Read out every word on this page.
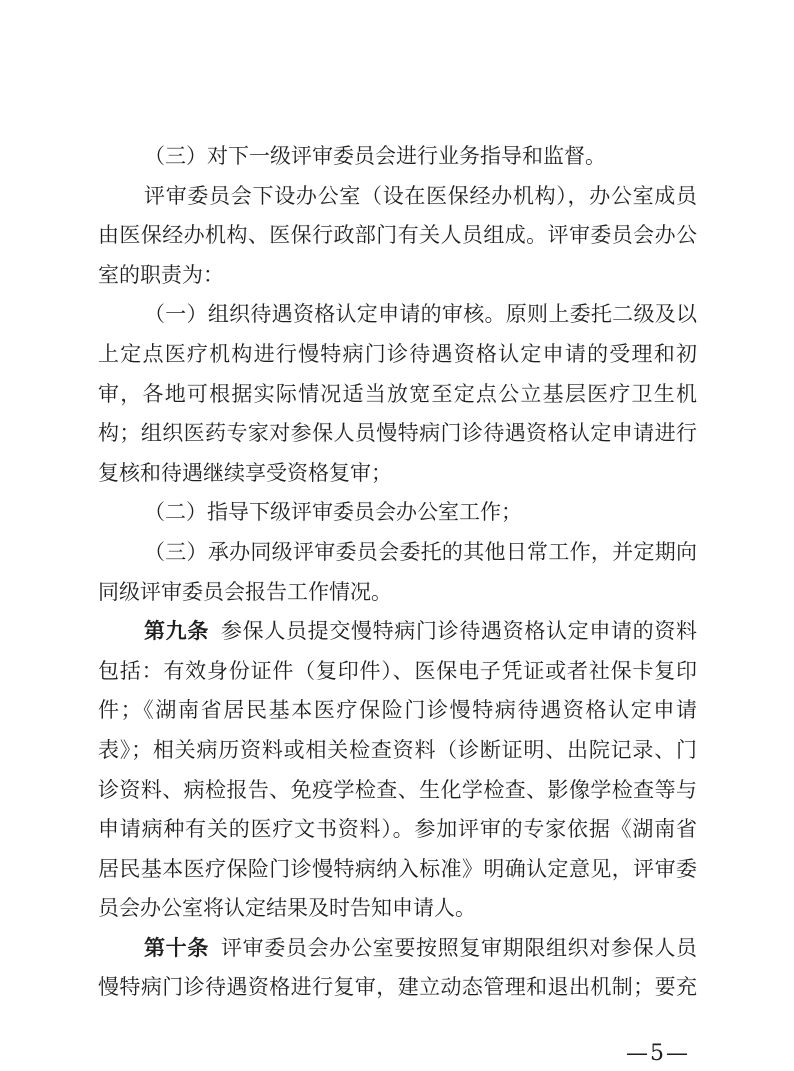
（三）对下一级评审委员会进行业务指导和监督。
评审委员会下设办公室（设在医保经办机构），办公室成员
由医保经办机构、医保行政部门有关人员组成。评审委员会办公
室的职责为：
（一）组织待遇资格认定申请的审核。原则上委托二级及以
上定点医疗机构进行慢特病门诊待遇资格认定申请的受理和初
审，各地可根据实际情况适当放宽至定点公立基层医疗卫生机
构；组织医药专家对参保人员慢特病门诊待遇资格认定申请进行
复核和待遇继续享受资格复审；
（二）指导下级评审委员会办公室工作；
（三）承办同级评审委员会委托的其他日常工作，并定期向
同级评审委员会报告工作情况。
第九条 参保人员提交慢特病门诊待遇资格认定申请的资料
包括：有效身份证件（复印件）、医保电子凭证或者社保卡复印
件；《湖南省居民基本医疗保险门诊慢特病待遇资格认定申请
表》；相关病历资料或相关检查资料（诊断证明、出院记录、门
诊资料、病检报告、免疫学检查、生化学检查、影像学检查等与
申请病种有关的医疗文书资料）。参加评审的专家依据《湖南省
居民基本医疗保险门诊慢特病纳入标准》明确认定意见，评审委
员会办公室将认定结果及时告知申请人。
第十条 评审委员会办公室要按照复审期限组织对参保人员
慢特病门诊待遇资格进行复审，建立动态管理和退出机制；要充
—5—
